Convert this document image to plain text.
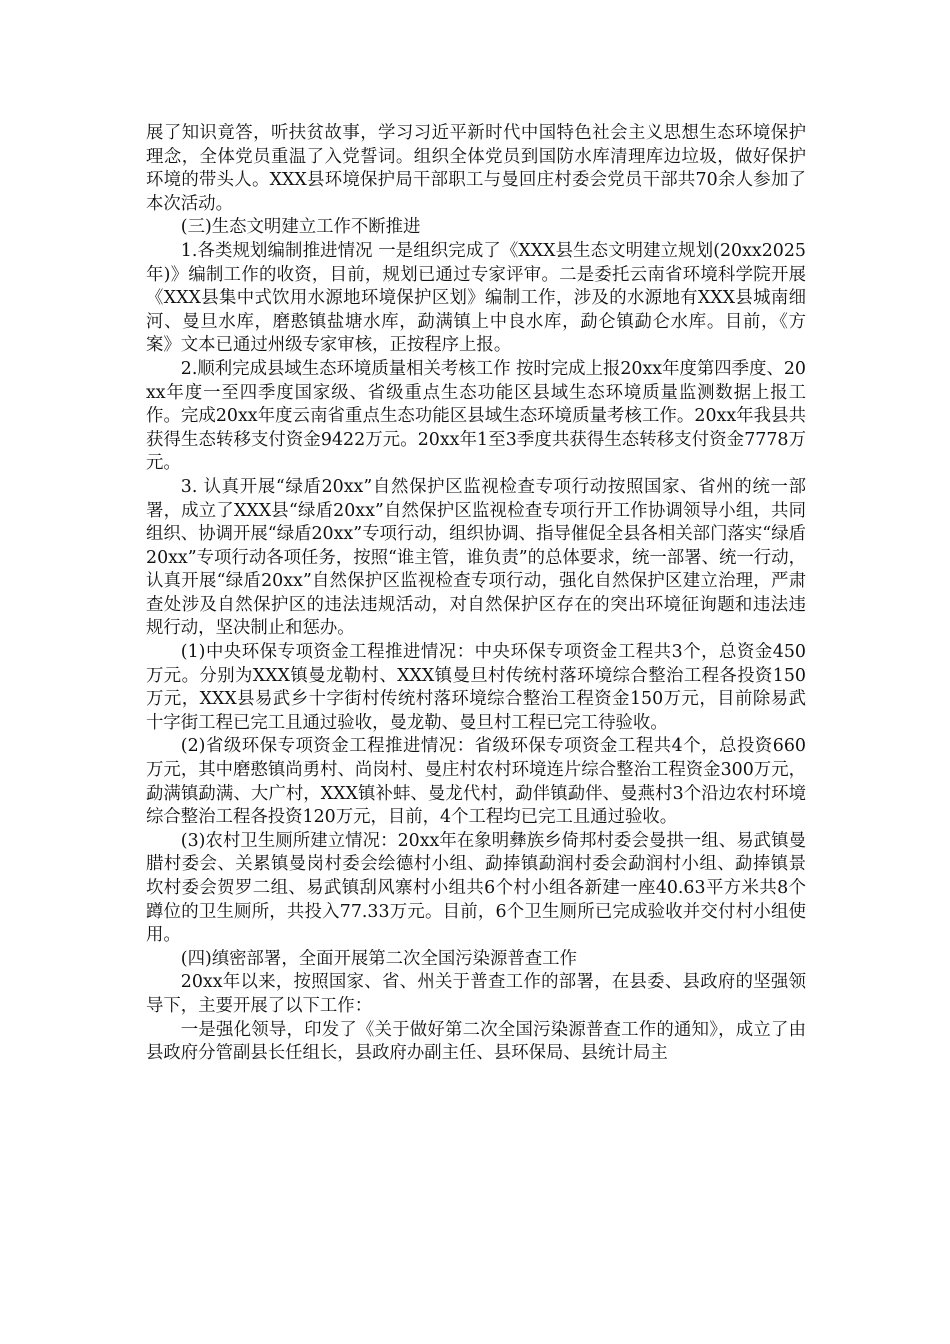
展了知识竟答，听扶贫故事，学习习近平新时代中国特色社会主义思想生态环境保护理念，全体党员重温了入党誓词。组织全体党员到国防水库清理库边垃圾，做好保护环境的带头人。XXX县环境保护局干部职工与曼回庄村委会党员干部共70余人参加了本次活动。

(三)生态文明建立工作不断推进

1.各类规划编制推进情况 一是组织完成了《XXX县生态文明建立规划(20xx2025年)》编制工作的收资，目前，规划已通过专家评审。二是委托云南省环境科学院开展《XXX县集中式饮用水源地环境保护区划》编制工作，涉及的水源地有XXX县城南细河、曼旦水库，磨憨镇盐塘水库，勐满镇上中良水库，勐仑镇勐仑水库。目前，《方案》文本已通过州级专家审核，正按程序上报。

2.顺利完成县域生态环境质量相关考核工作 按时完成上报20xx年度第四季度、20xx年度一至四季度国家级、省级重点生态功能区县域生态环境质量监测数据上报工作。完成20xx年度云南省重点生态功能区县域生态环境质量考核工作。20xx年我县共获得生态转移支付资金9422万元。20xx年1至3季度共获得生态转移支付资金7778万元。

3. 认真开展“绿盾20xx”自然保护区监视检查专项行动按照国家、省州的统一部署，成立了XXX县“绿盾20xx”自然保护区监视检查专项行开工作协调领导小组，共同组织、协调开展“绿盾20xx”专项行动，组织协调、指导催促全县各相关部门落实“绿盾20xx”专项行动各项任务，按照“谁主管，谁负责”的总体要求，统一部署、统一行动，认真开展“绿盾20xx”自然保护区监视检查专项行动，强化自然保护区建立治理，严肃查处涉及自然保护区的违法违规活动，对自然保护区存在的突出环境征询题和违法违规行动，坚决制止和惩办。

(1)中央环保专项资金工程推进情况：中央环保专项资金工程共3个，总资金450万元。分别为XXX镇曼龙勒村、XXX镇曼旦村传统村落环境综合整治工程各投资150万元，XXX县易武乡十字街村传统村落环境综合整治工程资金150万元，目前除易武十字街工程已完工且通过验收，曼龙勒、曼旦村工程已完工待验收。

(2)省级环保专项资金工程推进情况：省级环保专项资金工程共4个，总投资660万元，其中磨憨镇尚勇村、尚岗村、曼庄村农村环境连片综合整治工程资金300万元，勐满镇勐满、大广村，XXX镇补蚌、曼龙代村，勐伴镇勐伴、曼燕村3个沿边农村环境综合整治工程各投资120万元，目前，4个工程均已完工且通过验收。

(3)农村卫生厕所建立情况：20xx年在象明彝族乡倚邦村委会曼拱一组、易武镇曼腊村委会、关累镇曼岗村委会绘德村小组、勐捧镇勐润村委会勐润村小组、勐捧镇景坎村委会贺罗二组、易武镇刮风寨村小组共6个村小组各新建一座40.63平方米共8个蹲位的卫生厕所，共投入77.33万元。目前，6个卫生厕所已完成验收并交付村小组使用。

(四)缜密部署，全面开展第二次全国污染源普查工作

20xx年以来，按照国家、省、州关于普查工作的部署，在县委、县政府的坚强领导下，主要开展了以下工作：

一是强化领导，印发了《关于做好第二次全国污染源普查工作的通知》，成立了由县政府分管副县长任组长，县政府办副主任、县环保局、县统计局主
